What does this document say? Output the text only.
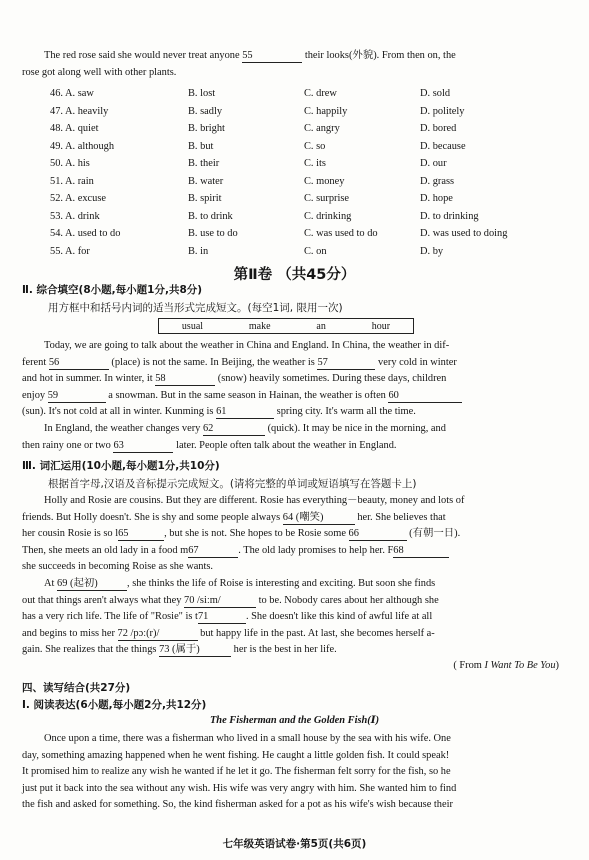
The red rose said she would never treat anyone 55	their looks(外貌). From then on, the
rose got along well with other plants.
46. A. saw	B. lost	C. drew	D. sold
47. A. heavily	B. sadly	C. happily	D. politely
48. A. quiet	B. bright	C. angry	D. bored
49. A. although	B. but	C. so	D. because
50. A. his	B. their	C. its	D. our
51. A. rain	B. water	C. money	D. grass
52. A. excuse	B. spirit	C. surprise	D. hope
53. A. drink	B. to drink	C. drinking	D. to drinking
54. A. used to do	B. use to do	C. was used to do	D. was used to doing
55. A. for	B. in	C. on	D. by
第Ⅱ卷 （共45分）
Ⅱ. 综合填空(8小题,每小题1分,共8分)
用方框中和括号内词的适当形式完成短文。(每空1词, 限用一次)
usual	make	an	hour
Today, we are going to talk about the weather in China and England. In China, the weather in dif-
ferent 56	(place) is not the same. In Beijing, the weather is 57	very cold in winter
and hot in summer. In winter, it 58	(snow) heavily sometimes. During these days, children
enjoy 59	a snowman. But in the same season in Hainan, the weather is often 60
(sun). It's not cold at all in winter. Kunming is 61	spring city. It's warm all the time.
In England, the weather changes very 62	(quick). It may be nice in the morning, and
then rainy one or two 63	later. People often talk about the weather in England.
Ⅲ. 词汇运用(10小题,每小题1分,共10分)
根据首字母,汉语及音标提示完成短文。(请将完整的单词或短语填写在答题卡上)
Holly and Rosie are cousins. But they are different. Rosie has everything－beauty, money and lots of
friends. But Holly doesn't. She is shy and some people always 64 (嘲笑)	her. She believes that
her cousin Rosie is so l65	, but she is not. She hopes to be Rosie some 66	(有朝一日).
Then, she meets an old lady in a food m67	. The old lady promises to help her. F68
she succeeds in becoming Roise as she wants.
At 69 (起初)	, she thinks the life of Roise is interesting and exciting. But soon she finds
out that things aren't always what they 70 /siːm/	to be. Nobody cares about her although she
has a very rich life. The life of "Rosie" is t71	. She doesn't like this kind of awful life at all
and begins to miss her 72 /pɔː(r)/	but happy life in the past. At last, she becomes herself a-
gain. She realizes that the things 73 (属于)	her is the best in her life.
( From I Want To Be You)
四、读写结合(共27分)
Ⅰ. 阅读表达(6小题,每小题2分,共12分)
The Fisherman and the Golden Fish(Ⅰ)
Once upon a time, there was a fisherman who lived in a small house by the sea with his wife. One
day, something amazing happened when he went fishing. He caught a little golden fish. It could speak!
It promised him to realize any wish he wanted if he let it go. The fisherman felt sorry for the fish, so he
just put it back into the sea without any wish. His wife was very angry with him. She wanted him to find
the fish and asked for something. So, the kind fisherman asked for a pot as his wife's wish because their
七年级英语试卷·第5页(共6页)
